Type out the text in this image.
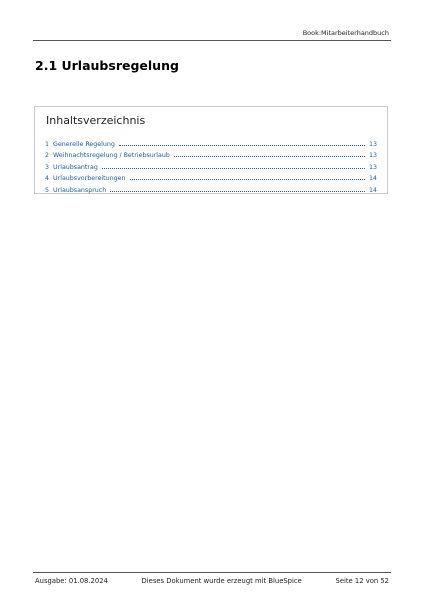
Book:Mitarbeiterhandbuch
2.1 Urlaubsregelung
Inhaltsverzeichnis
1 Generelle Regelung	13
2 Weihnachtsregelung / Betriebsurlaub	13
3 Urlaubsantrag	13
4 Urlaubsvorbereitungen	14
5 Urlaubsanspruch	14
Ausgabe: 01.08.2024	Dieses Dokument wurde erzeugt mit BlueSpice	Seite 12 von 52
